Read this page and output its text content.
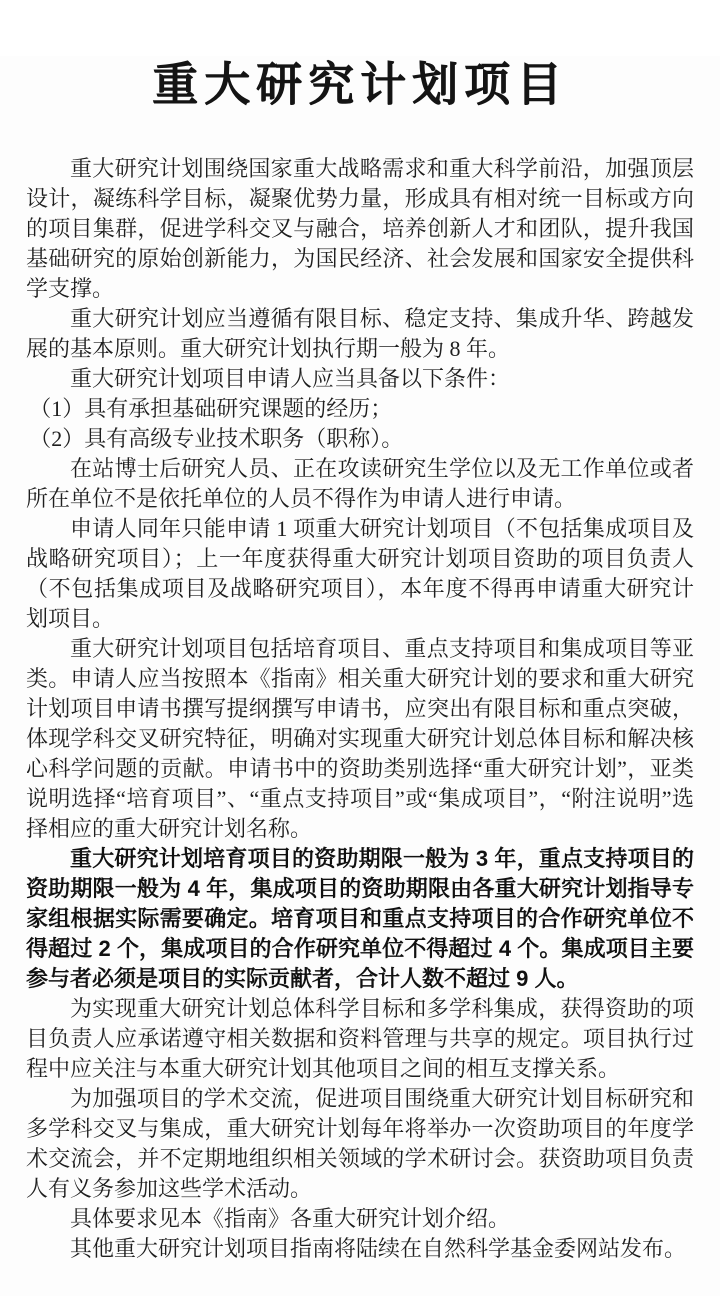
重大研究计划项目

重大研究计划围绕国家重大战略需求和重大科学前沿，加强顶层设计，凝练科学目标，凝聚优势力量，形成具有相对统一目标或方向的项目集群，促进学科交叉与融合，培养创新人才和团队，提升我国基础研究的原始创新能力，为国民经济、社会发展和国家安全提供科学支撑。

重大研究计划应当遵循有限目标、稳定支持、集成升华、跨越发展的基本原则。重大研究计划执行期一般为 8 年。

重大研究计划项目申请人应当具备以下条件：

（1）具有承担基础研究课题的经历；

（2）具有高级专业技术职务（职称）。

在站博士后研究人员、正在攻读研究生学位以及无工作单位或者所在单位不是依托单位的人员不得作为申请人进行申请。

申请人同年只能申请 1 项重大研究计划项目（不包括集成项目及战略研究项目）；上一年度获得重大研究计划项目资助的项目负责人（不包括集成项目及战略研究项目），本年度不得再申请重大研究计划项目。

重大研究计划项目包括培育项目、重点支持项目和集成项目等亚类。申请人应当按照本《指南》相关重大研究计划的要求和重大研究计划项目申请书撰写提纲撰写申请书，应突出有限目标和重点突破，体现学科交叉研究特征，明确对实现重大研究计划总体目标和解决核心科学问题的贡献。申请书中的资助类别选择“重大研究计划”，亚类说明选择“培育项目”、“重点支持项目”或“集成项目”，“附注说明”选择相应的重大研究计划名称。

重大研究计划培育项目的资助期限一般为 3 年，重点支持项目的资助期限一般为 4 年，集成项目的资助期限由各重大研究计划指导专家组根据实际需要确定。培育项目和重点支持项目的合作研究单位不得超过 2 个，集成项目的合作研究单位不得超过 4 个。集成项目主要参与者必须是项目的实际贡献者，合计人数不超过 9 人。

为实现重大研究计划总体科学目标和多学科集成，获得资助的项目负责人应承诺遵守相关数据和资料管理与共享的规定。项目执行过程中应关注与本重大研究计划其他项目之间的相互支撑关系。

为加强项目的学术交流，促进项目围绕重大研究计划目标研究和多学科交叉与集成，重大研究计划每年将举办一次资助项目的年度学术交流会，并不定期地组织相关领域的学术研讨会。获资助项目负责人有义务参加这些学术活动。

具体要求见本《指南》各重大研究计划介绍。

其他重大研究计划项目指南将陆续在自然科学基金委网站发布。
